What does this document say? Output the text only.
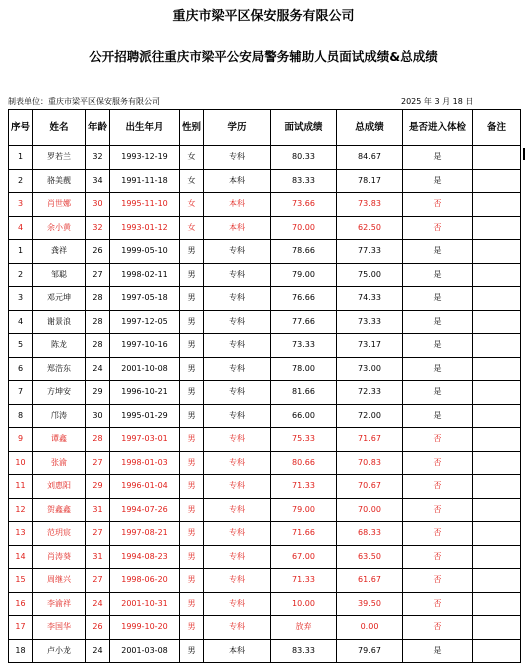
重庆市梁平区保安服务有限公司
公开招聘派往重庆市梁平公安局警务辅助人员面试成绩&总成绩
制表单位：重庆市梁平区保安服务有限公司	2025 年 3 月 18 日
序号	姓名	年龄	出生年月	性别	学历	面试成绩	总成绩	是否进入体检	备注
1	罗若兰	32	1993-12-19	女	专科	80.33	84.67	是	
2	骆美靓	34	1991-11-18	女	本科	83.33	78.17	是	
3	肖世娜	30	1995-11-10	女	本科	73.66	73.83	否	
4	余小黄	32	1993-01-12	女	本科	70.00	62.50	否	
1	龚祥	26	1999-05-10	男	专科	78.66	77.33	是	
2	邹聪	27	1998-02-11	男	专科	79.00	75.00	是	
3	邓元坤	28	1997-05-18	男	专科	76.66	74.33	是	
4	谢景浪	28	1997-12-05	男	专科	77.66	73.33	是	
5	陈龙	28	1997-10-16	男	专科	73.33	73.17	是	
6	郑浩东	24	2001-10-08	男	专科	78.00	73.00	是	
7	方坤安	29	1996-10-21	男	专科	81.66	72.33	是	
8	邝涛	30	1995-01-29	男	专科	66.00	72.00	是	
9	谭鑫	28	1997-03-01	男	专科	75.33	71.67	否	
10	张渝	27	1998-01-03	男	专科	80.66	70.83	否	
11	刘惠阳	29	1996-01-04	男	专科	71.33	70.67	否	
12	贺鑫鑫	31	1994-07-26	男	专科	79.00	70.00	否	
13	范玥宸	27	1997-08-21	男	专科	71.66	68.33	否	
14	肖涛葵	31	1994-08-23	男	专科	67.00	63.50	否	
15	周继兴	27	1998-06-20	男	专科	71.33	61.67	否	
16	李渝祥	24	2001-10-31	男	专科	10.00	39.50	否	
17	李国华	26	1999-10-20	男	专科	放弃	0.00	否	
18	卢小龙	24	2001-03-08	男	本科	83.33	79.67	是	
